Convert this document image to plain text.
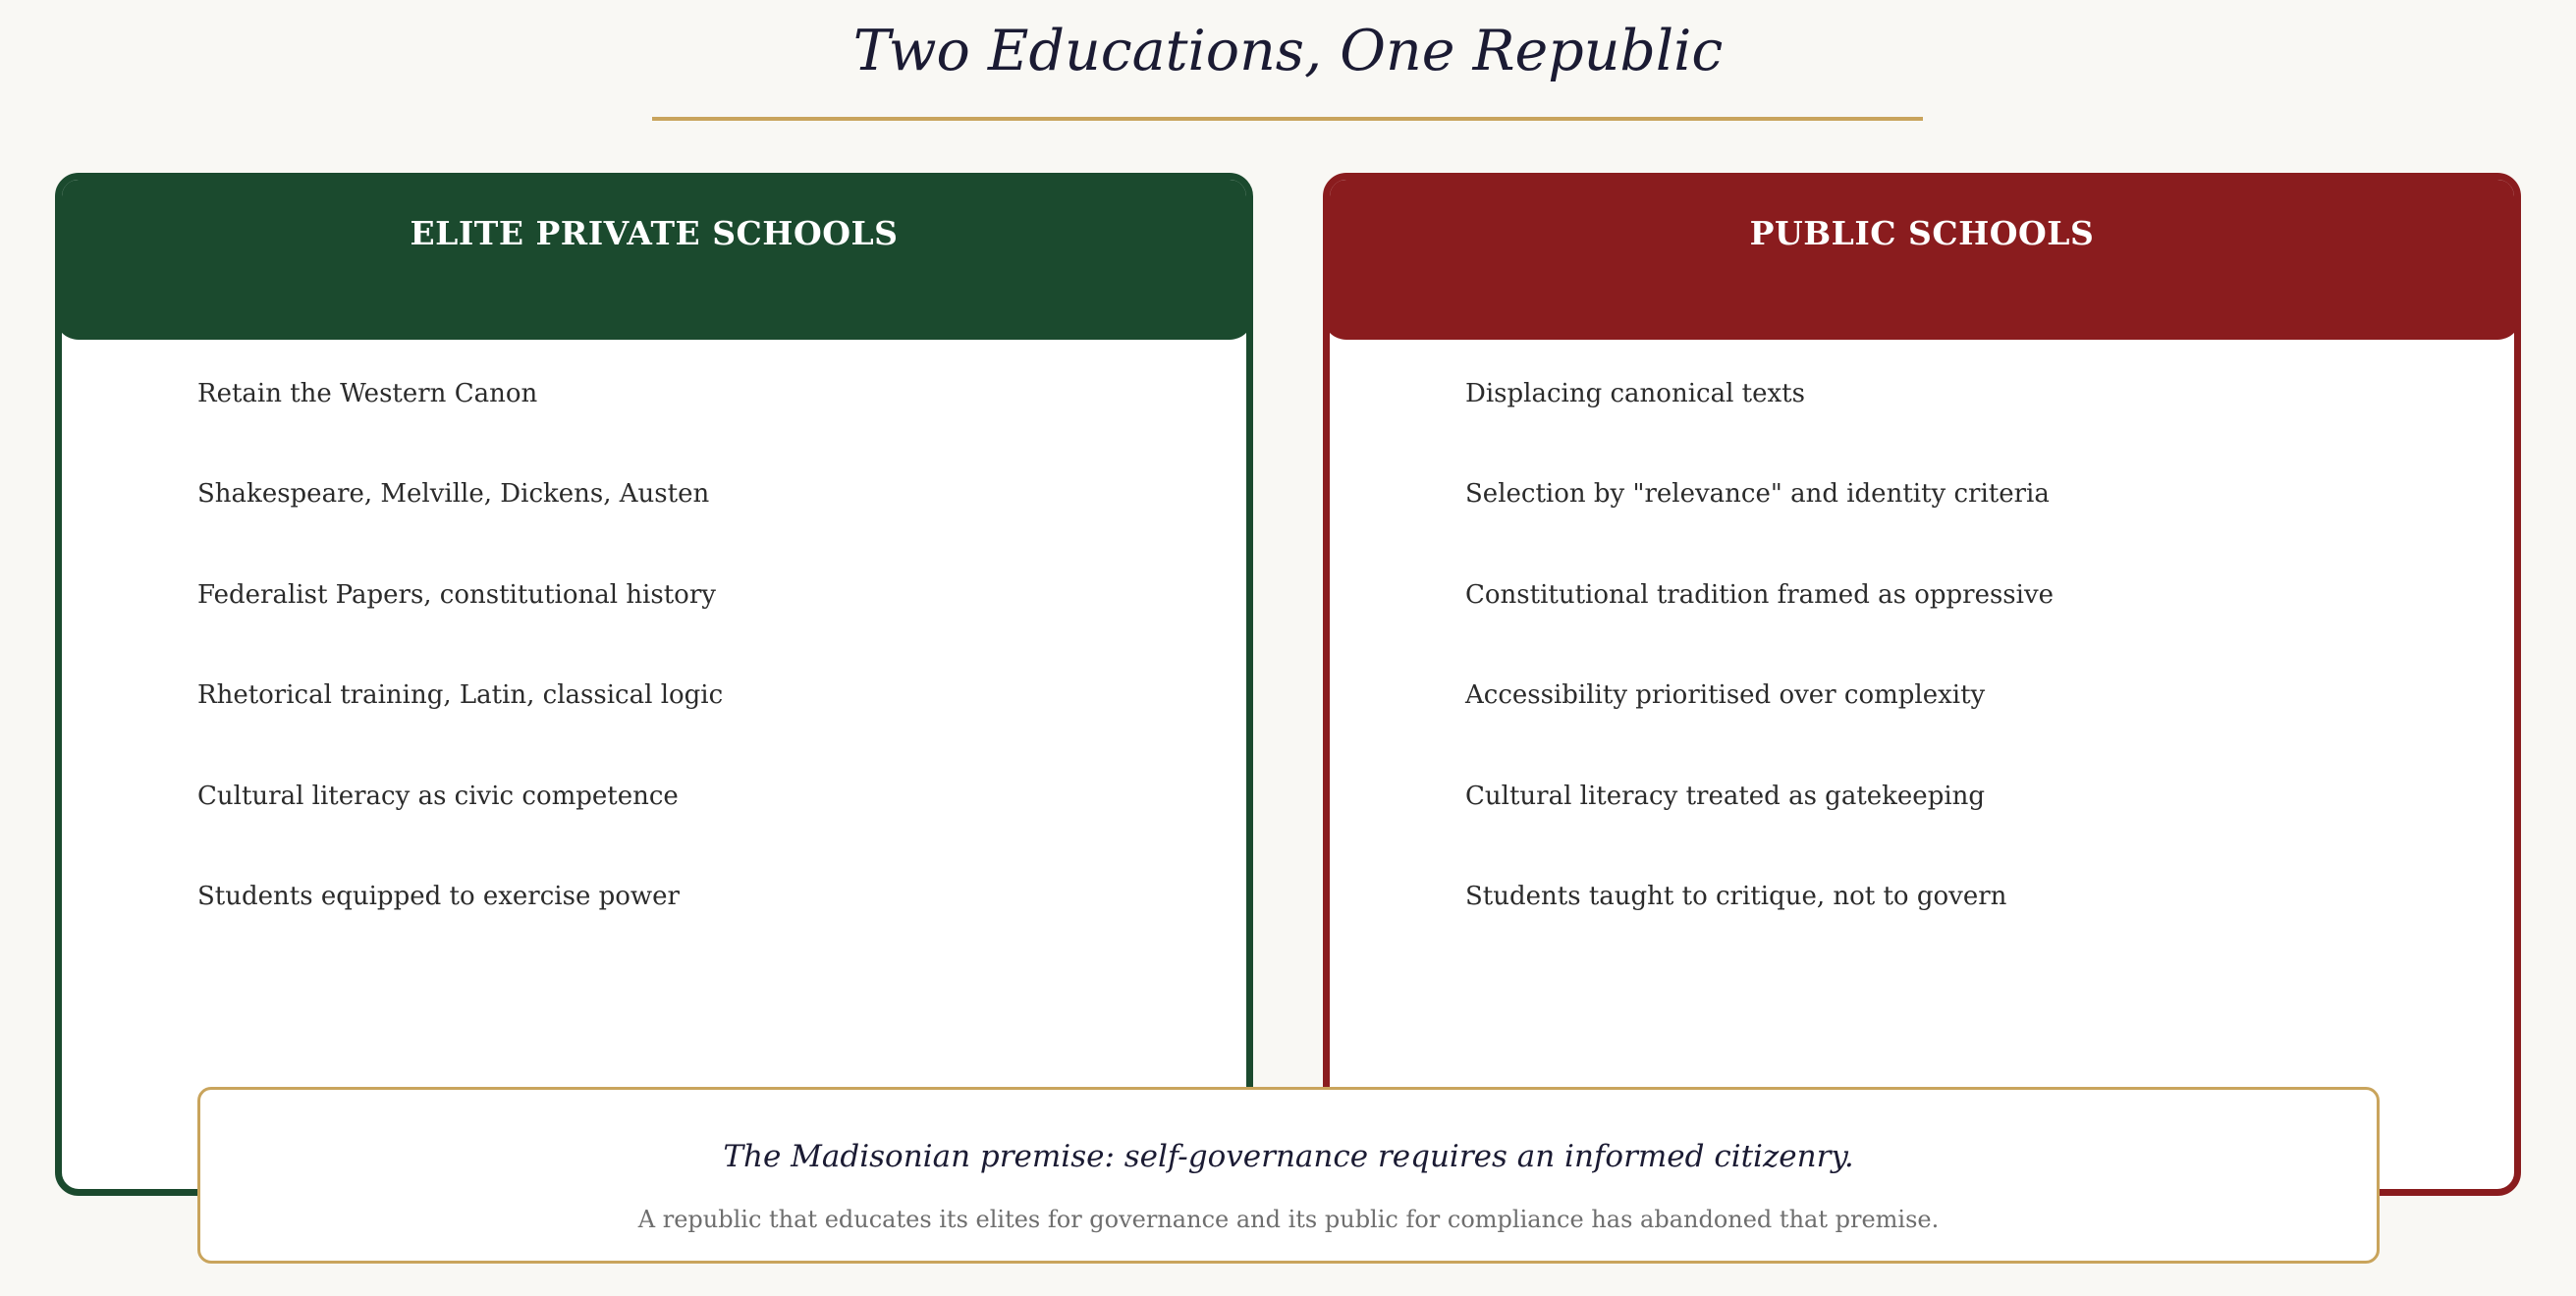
Two Educations, One Republic
ELITE PRIVATE SCHOOLS
Retain the Western Canon
Shakespeare, Melville, Dickens, Austen
Federalist Papers, constitutional history
Rhetorical training, Latin, classical logic
Cultural literacy as civic competence
Students equipped to exercise power
PUBLIC SCHOOLS
Displacing canonical texts
Selection by "relevance" and identity criteria
Constitutional tradition framed as oppressive
Accessibility prioritised over complexity
Cultural literacy treated as gatekeeping
Students taught to critique, not to govern
The Madisonian premise: self-governance requires an informed citizenry.
A republic that educates its elites for governance and its public for compliance has abandoned that premise.
